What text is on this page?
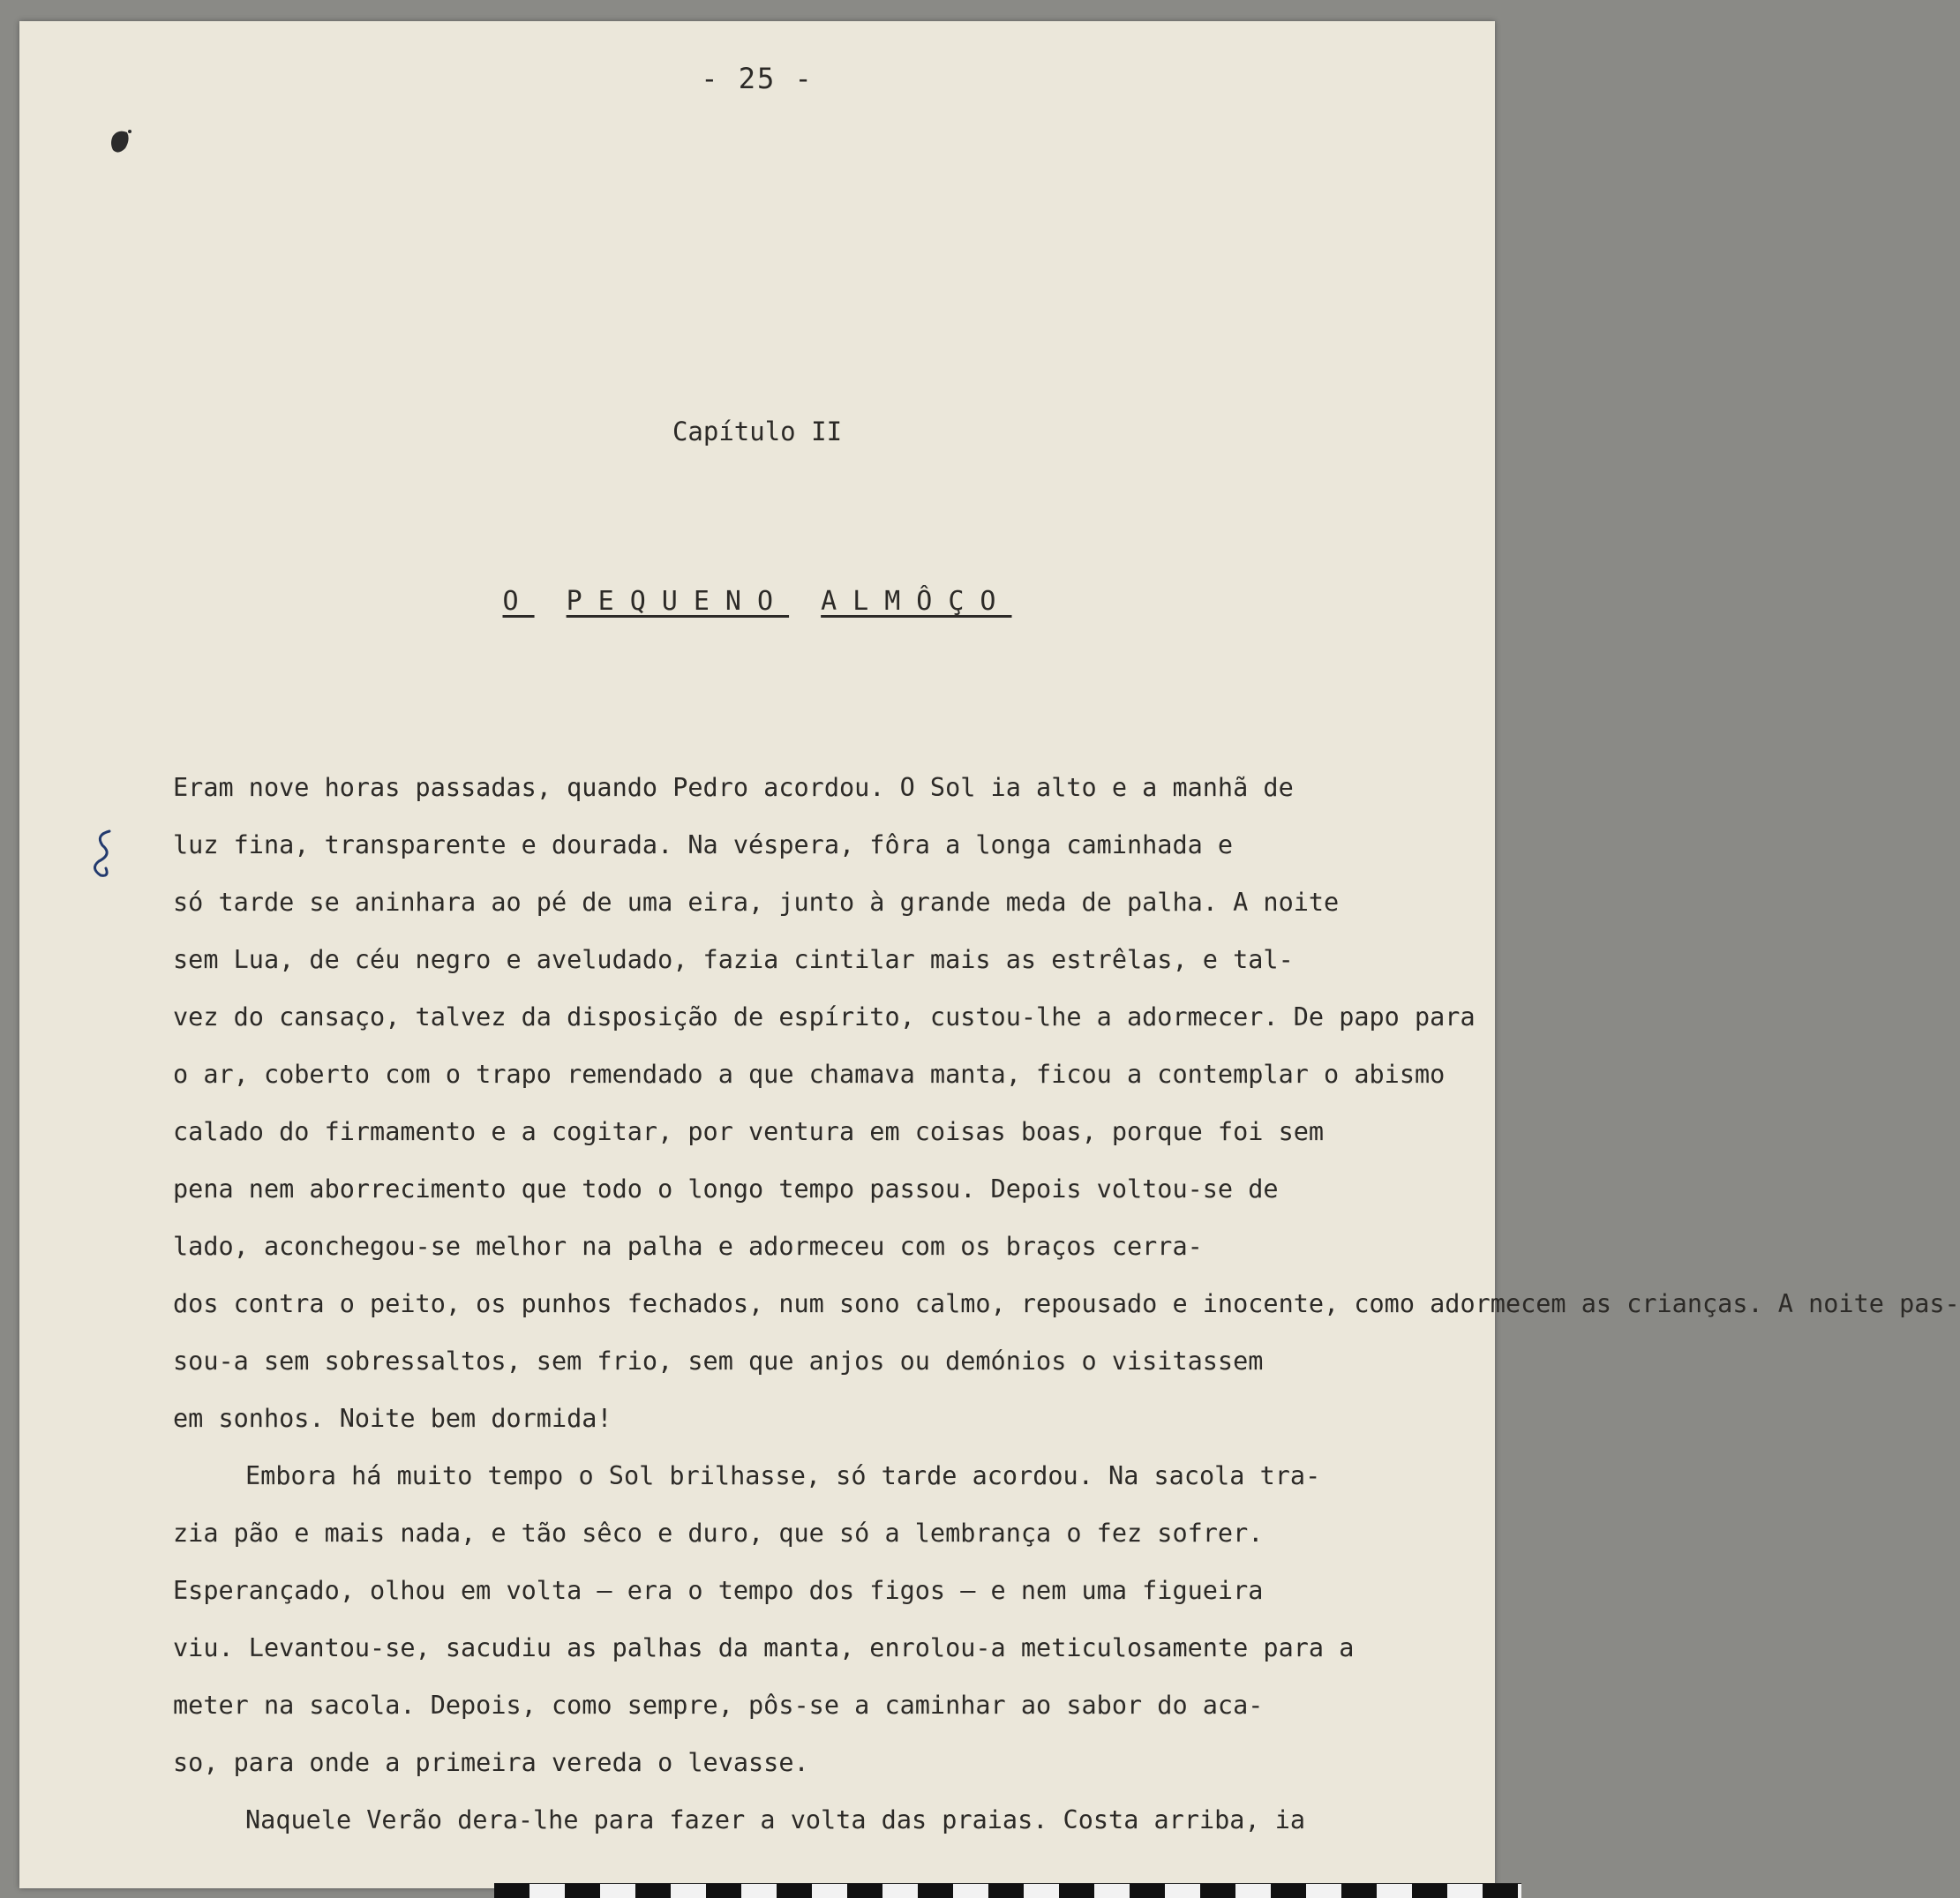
- 25 -
Capítulo II
O PEQUENO ALMÔÇO
Eram nove horas passadas, quando Pedro acordou. O Sol ia alto e a manhã de
luz fina, transparente e dourada. Na véspera, fôra a longa caminhada e
só tarde se aninhara ao pé de uma eira, junto à grande meda de palha. A noite
sem Lua, de céu negro e aveludado, fazia cintilar mais as estrêlas, e tal-
vez do cansaço, talvez da disposição de espírito, custou-lhe a adormecer. De papo para
o ar, coberto com o trapo remendado a que chamava manta, ficou a contemplar o abismo
calado do firmamento e a cogitar, por ventura em coisas boas, porque foi sem
pena nem aborrecimento que todo o longo tempo passou. Depois voltou-se de
lado, aconchegou-se melhor na palha e adormeceu com os braços cerra-
dos contra o peito, os punhos fechados, num sono calmo, repousado e inocente, como adormecem as crianças. A noite pas-
sou-a sem sobressaltos, sem frio, sem que anjos ou demónios o visitassem
em sonhos. Noite bem dormida!
Embora há muito tempo o Sol brilhasse, só tarde acordou. Na sacola tra-
zia pão e mais nada, e tão sêco e duro, que só a lembrança o fez sofrer.
Esperançado, olhou em volta — era o tempo dos figos — e nem uma figueira
viu. Levantou-se, sacudiu as palhas da manta, enrolou-a meticulosamente para a
meter na sacola. Depois, como sempre, pôs-se a caminhar ao sabor do aca-
so, para onde a primeira vereda o levasse.
Naquele Verão dera-lhe para fazer a volta das praias. Costa arriba, ia
